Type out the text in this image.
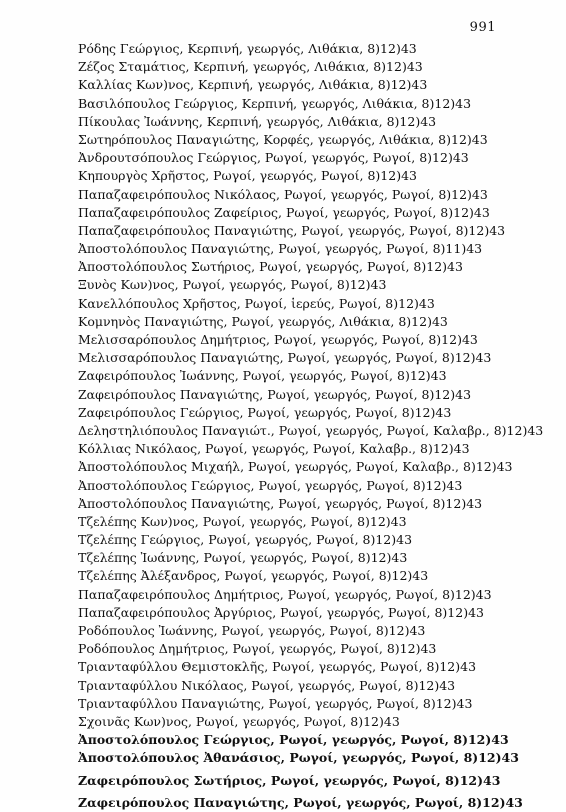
991
Ρόδης Γεώργιος, Κερπινή, γεωργός, Λιθάκια, 8)12)43
Ζέζος Σταμάτιος, Κερπινή, γεωργός, Λιθάκια, 8)12)43
Καλλίας Κων)νος, Κερπινή, γεωργός, Λιθάκια, 8)12)43
Βασιλόπουλος Γεώργιος, Κερπινή, γεωργός, Λιθάκια, 8)12)43
Πίκουλας Ἰωάννης, Κερπινή, γεωργός, Λιθάκια, 8)12)43
Σωτηρόπουλος Παναγιώτης, Κορφές, γεωργός, Λιθάκια, 8)12)43
Ἀνδρουτσόπουλος Γεώργιος, Ρωγοί, γεωργός, Ρωγοί, 8)12)43
Κηπουργὸς Χρῆστος, Ρωγοί, γεωργός, Ρωγοί, 8)12)43
Παπαζαφειρόπουλος Νικόλαος, Ρωγοί, γεωργός, Ρωγοί, 8)12)43
Παπαζαφειρόπουλος Ζαφείριος, Ρωγοί, γεωργός, Ρωγοί, 8)12)43
Παπαζαφειρόπουλος Παναγιώτης, Ρωγοί, γεωργός, Ρωγοί, 8)12)43
Ἀποστολόπουλος Παναγιώτης, Ρωγοί, γεωργός, Ρωγοί, 8)11)43
Ἀποστολόπουλος Σωτήριος, Ρωγοί, γεωργός, Ρωγοί, 8)12)43
Ξυνὸς Κων)νος, Ρωγοί, γεωργός, Ρωγοί, 8)12)43
Κανελλόπουλος Χρῆστος, Ρωγοί, ἱερεύς, Ρωγοί, 8)12)43
Κομνηνὸς Παναγιώτης, Ρωγοί, γεωργός, Λιθάκια, 8)12)43
Μελισσαρόπουλος Δημήτριος, Ρωγοί, γεωργός, Ρωγοί, 8)12)43
Μελισσαρόπουλος Παναγιώτης, Ρωγοί, γεωργός, Ρωγοί, 8)12)43
Ζαφειρόπουλος Ἰωάννης, Ρωγοί, γεωργός, Ρωγοί, 8)12)43
Ζαφειρόπουλος Παναγιώτης, Ρωγοί, γεωργός, Ρωγοί, 8)12)43
Ζαφειρόπουλος Γεώργιος, Ρωγοί, γεωργός, Ρωγοί, 8)12)43
Δεληστηλιόπουλος Παναγιώτ., Ρωγοί, γεωργός, Ρωγοί, Καλαβρ., 8)12)43
Κόλλιας Νικόλαος, Ρωγοί, γεωργός, Ρωγοί, Καλαβρ., 8)12)43
Ἀποστολόπουλος Μιχαήλ, Ρωγοί, γεωργός, Ρωγοί, Καλαβρ., 8)12)43
Ἀποστολόπουλος Γεώργιος, Ρωγοί, γεωργός, Ρωγοί, 8)12)43
Ἀποστολόπουλος Παναγιώτης, Ρωγοί, γεωργός, Ρωγοί, 8)12)43
Τζελέπης Κων)νος, Ρωγοί, γεωργός, Ρωγοί, 8)12)43
Τζελέπης Γεώργιος, Ρωγοί, γεωργός, Ρωγοί, 8)12)43
Τζελέπης Ἰωάννης, Ρωγοί, γεωργός, Ρωγοί, 8)12)43
Τζελέπης Ἀλέξανδρος, Ρωγοί, γεωργός, Ρωγοί, 8)12)43
Παπαζαφειρόπουλος Δημήτριος, Ρωγοί, γεωργός, Ρωγοί, 8)12)43
Παπαζαφειρόπουλος Ἀργύριος, Ρωγοί, γεωργός, Ρωγοί, 8)12)43
Ροδόπουλος Ἰωάννης, Ρωγοί, γεωργός, Ρωγοί, 8)12)43
Ροδόπουλος Δημήτριος, Ρωγοί, γεωργός, Ρωγοί, 8)12)43
Τριανταφύλλου Θεμιστοκλῆς, Ρωγοί, γεωργός, Ρωγοί, 8)12)43
Τριανταφύλλου Νικόλαος, Ρωγοί, γεωργός, Ρωγοί, 8)12)43
Τριανταφύλλου Παναγιώτης, Ρωγοί, γεωργός, Ρωγοί, 8)12)43
Σχοινᾶς Κων)νος, Ρωγοί, γεωργός, Ρωγοί, 8)12)43
Ἀποστολόπουλος Γεώργιος, Ρωγοί, γεωργός, Ρωγοί, 8)12)43
Ἀποστολόπουλος Ἀθανάσιος, Ρωγοί, γεωργός, Ρωγοί, 8)12)43
Ζαφειρόπουλος Σωτήριος, Ρωγοί, γεωργός, Ρωγοί, 8)12)43
Ζαφειρόπουλος Παναγιώτης, Ρωγοί, γεωργός, Ρωγοί, 8)12)43
